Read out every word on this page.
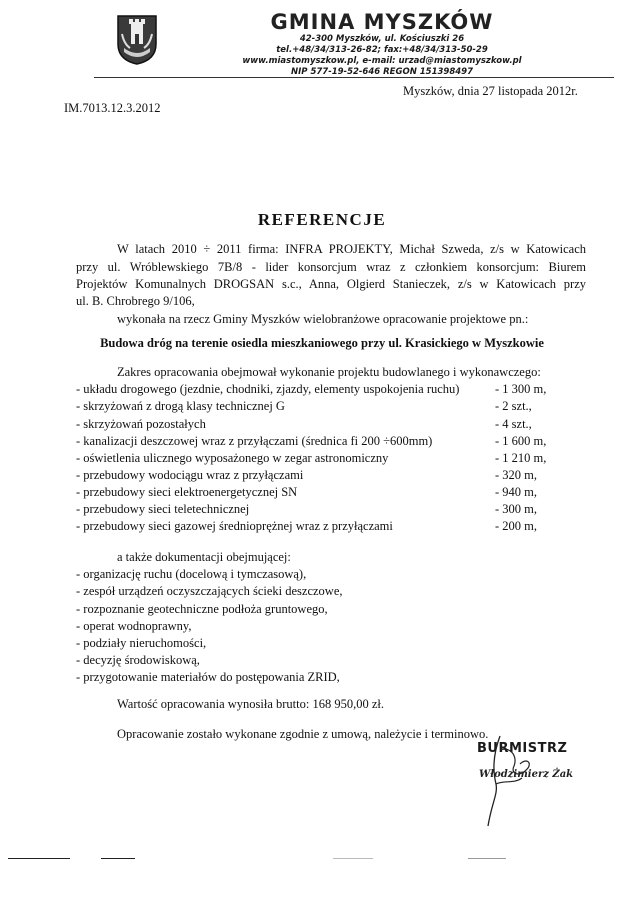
GMINA MYSZKÓW
42-300 Myszków, ul. Kościuszki 26
tel.+48/34/313-26-82; fax:+48/34/313-50-29
www.miastomyszkow.pl, e-mail: urzad@miastomyszkow.pl
NIP 577-19-52-646 REGON 151398497
Myszków, dnia 27 listopada 2012r.
IM.7013.12.3.2012
REFERENCJE
W latach 2010 ÷ 2011 firma: INFRA PROJEKTY, Michał Szweda, z/s w Katowicach
przy ul. Wróblewskiego 7B/8 - lider konsorcjum wraz z członkiem konsorcjum: Biurem
Projektów Komunalnych DROGSAN s.c., Anna, Olgierd Stanieczek, z/s w Katowicach przy
ul. B. Chrobrego 9/106,
wykonała na rzecz Gminy Myszków wielobranżowe opracowanie projektowe pn.:
Budowa dróg na terenie osiedla mieszkaniowego przy ul. Krasickiego w Myszkowie
Zakres opracowania obejmował wykonanie projektu budowlanego i wykonawczego:
- układu drogowego (jezdnie, chodniki, zjazdy, elementy uspokojenia ruchu)	- 1 300 m,
- skrzyżowań z drogą klasy technicznej G	- 2 szt.,
- skrzyżowań pozostałych	- 4 szt.,
- kanalizacji deszczowej wraz z przyłączami (średnica fi 200 ÷600mm)	- 1 600 m,
- oświetlenia ulicznego wyposażonego w zegar astronomiczny	- 1 210 m,
- przebudowy wodociągu wraz z przyłączami	- 320 m,
- przebudowy sieci elektroenergetycznej SN	- 940 m,
- przebudowy sieci teletechnicznej	- 300 m,
- przebudowy sieci gazowej średnioprężnej wraz z przyłączami	- 200 m,
a także dokumentacji obejmującej:
- organizację ruchu (docelową i tymczasową),
- zespół urządzeń oczyszczających ścieki deszczowe,
- rozpoznanie geotechniczne podłoża gruntowego,
- operat wodnoprawny,
- podziały nieruchomości,
- decyzję środowiskową,
- przygotowanie materiałów do postępowania ZRID,
Wartość opracowania wynosiła brutto: 168 950,00 zł.
Opracowanie zostało wykonane zgodnie z umową, należycie i terminowo.
BURMISTRZ
Włodzimierz Żak
